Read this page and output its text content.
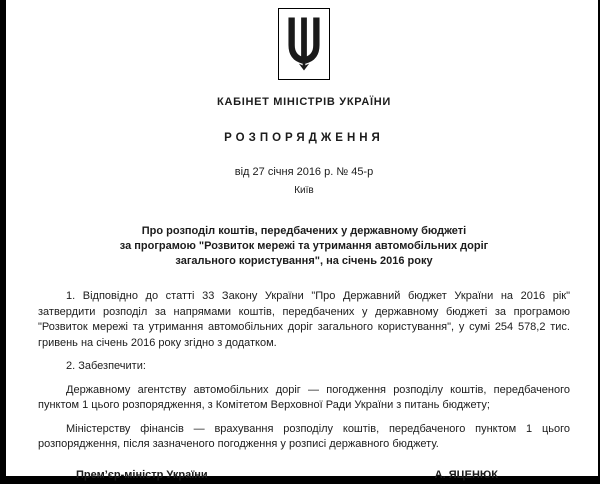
КАБІНЕТ МІНІСТРІВ УКРАЇНИ
РОЗПОРЯДЖЕННЯ
від 27 січня 2016 р. № 45-р
Київ
Про розподіл коштів, передбачених у державному бюджеті
за програмою "Розвиток мережі та утримання автомобільних доріг
загального користування", на січень 2016 року

1. Відповідно до статті 33 Закону України "Про Державний бюджет України на 2016 рік" затвердити розподіл за напрямами коштів, передбачених у державному бюджеті за програмою "Розвиток мережі та утримання автомобільних доріг загального користування", у сумі 254 578,2 тис. гривень на січень 2016 року згідно з додатком.

2. Забезпечити:

Державному агентству автомобільних доріг — погодження розподілу коштів, передбаченого пунктом 1 цього розпорядження, з Комітетом Верховної Ради України з питань бюджету;

Міністерству фінансів — врахування розподілу коштів, передбаченого пунктом 1 цього розпорядження, після зазначеного погодження у розписі державного бюджету.

Прем’єр-міністр України	А. ЯЦЕНЮК
